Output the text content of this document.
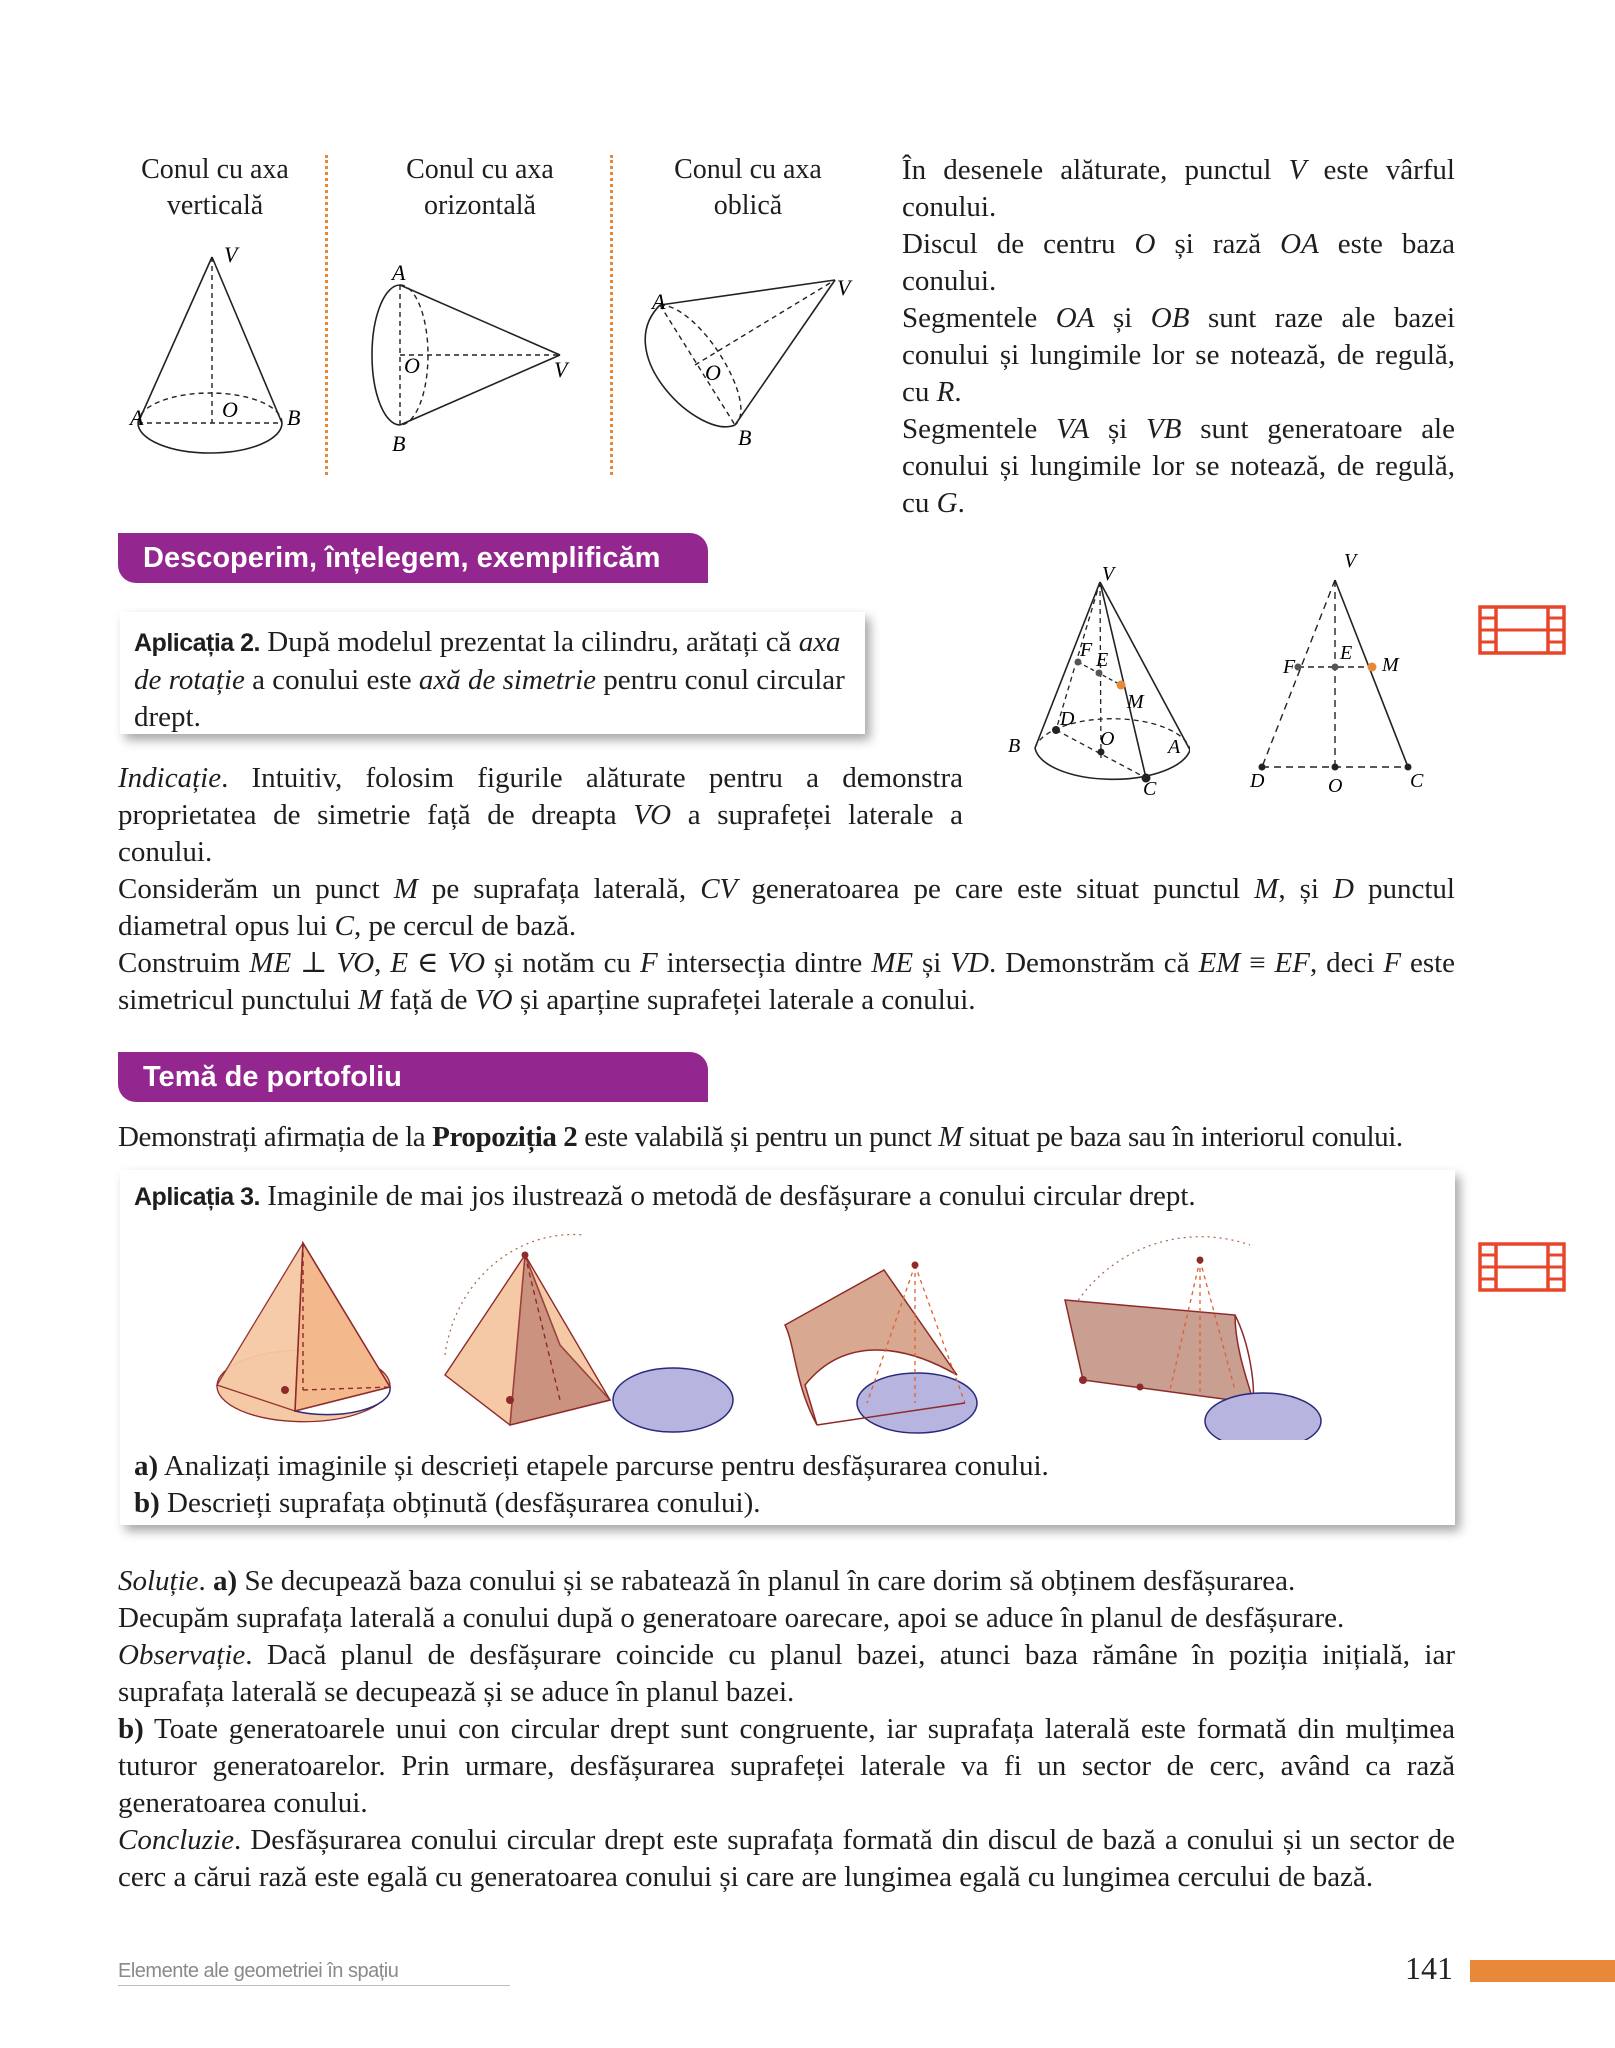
Conul cu axa
verticală
Conul cu axa
orizontală
Conul cu axa
oblică
V
A	B
O
A
O	V
B
A
V
O
B
În desenele alăturate, punctul V este vârful conului.
Discul de centru O și rază OA este baza conului.
Segmentele OA și OB sunt raze ale bazei conului și lungimile lor se notează, de regulă, cu R.
Segmentele VA și VB sunt generatoare ale conului și lungimile lor se notează, de regulă, cu G.
Descoperim, înțelegem, exemplificăm
Aplicația 2. După modelul prezentat la cilindru, arătați că axa de rotație a conului este axă de simetrie pentru conul circular drept.
V
F E
M
D
B	O	A
C
V
F
E
M
D	O	C
Indicație. Intuitiv, folosim figurile alăturate pentru a demonstra proprietatea de simetrie față de dreapta VO a suprafeței laterale a conului.
Considerăm un punct M pe suprafața laterală, CV generatoarea pe care este situat punctul M, și D punctul diametral opus lui C, pe cercul de bază.
Construim ME ⊥ VO, E ∈ VO și notăm cu F intersecția dintre ME și VD. Demonstrăm că EM ≡ EF, deci F este simetricul punctului M față de VO și aparține suprafeței laterale a conului.
Temă de portofoliu
Demonstrați afirmația de la Propoziția 2 este valabilă și pentru un punct M situat pe baza sau în interiorul conului.
Aplicația 3. Imaginile de mai jos ilustrează o metodă de desfășurare a conului circular drept.
a) Analizați imaginile și descrieți etapele parcurse pentru desfășurarea conului.
b) Descrieți suprafața obținută (desfășurarea conului).
Soluție. a) Se decupează baza conului și se rabatează în planul în care dorim să obținem desfășurarea.
Decupăm suprafața laterală a conului după o generatoare oarecare, apoi se aduce în planul de desfășurare.
Observație. Dacă planul de desfășurare coincide cu planul bazei, atunci baza rămâne în poziția inițială, iar suprafața laterală se decupează și se aduce în planul bazei.
b) Toate generatoarele unui con circular drept sunt congruente, iar suprafața laterală este formată din mulțimea tuturor generatoarelor. Prin urmare, desfășurarea suprafeței laterale va fi un sector de cerc, având ca rază generatoarea conului.
Concluzie. Desfășurarea conului circular drept este suprafața formată din discul de bază a conului și un sector de cerc a cărui rază este egală cu generatoarea conului și care are lungimea egală cu lungimea cercului de bază.
Elemente ale geometriei în spațiu	141
